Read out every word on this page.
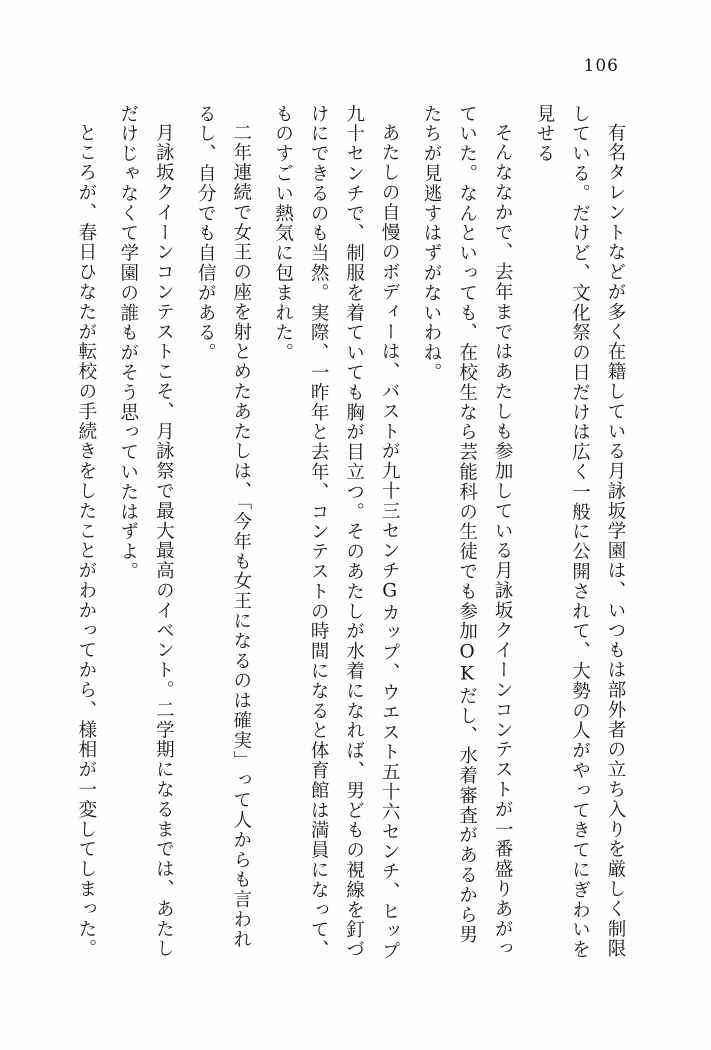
106

有名タレントなどが多く在籍している月詠坂学園は、いつもは部外者の立ち入りを厳しく制限している。だけど、文化祭の日だけは広く一般に公開されて、大勢の人がやってきてにぎわいを見せる

そんななかで、去年まではあたしも参加している月詠坂クイーンコンテストが一番盛りあがっていた。なんといっても、在校生なら芸能科の生徒でも参加OKだし、水着審査があるから男たちが見逃すはずがないわね。

あたしの自慢のボディーは、バストが九十三センチGカップ、ウエスト五十六センチ、ヒップ九十センチで、制服を着ていても胸が目立つ。そのあたしが水着になれば、男どもの視線を釘づけにできるのも当然。実際、一昨年と去年、コンテストの時間になると体育館は満員になって、ものすごい熱気に包まれた。

二年連続で女王の座を射とめたあたしは、「今年も女王になるのは確実」って人からも言われるし、自分でも自信がある。

月詠坂クイーンコンテストこそ、月詠祭で最大最高のイベント。二学期になるまでは、あたしだけじゃなくて学園の誰もがそう思っていたはずよ。

ところが、春日ひなたが転校の手続きをしたことがわかってから、様相が一変してしまった。
